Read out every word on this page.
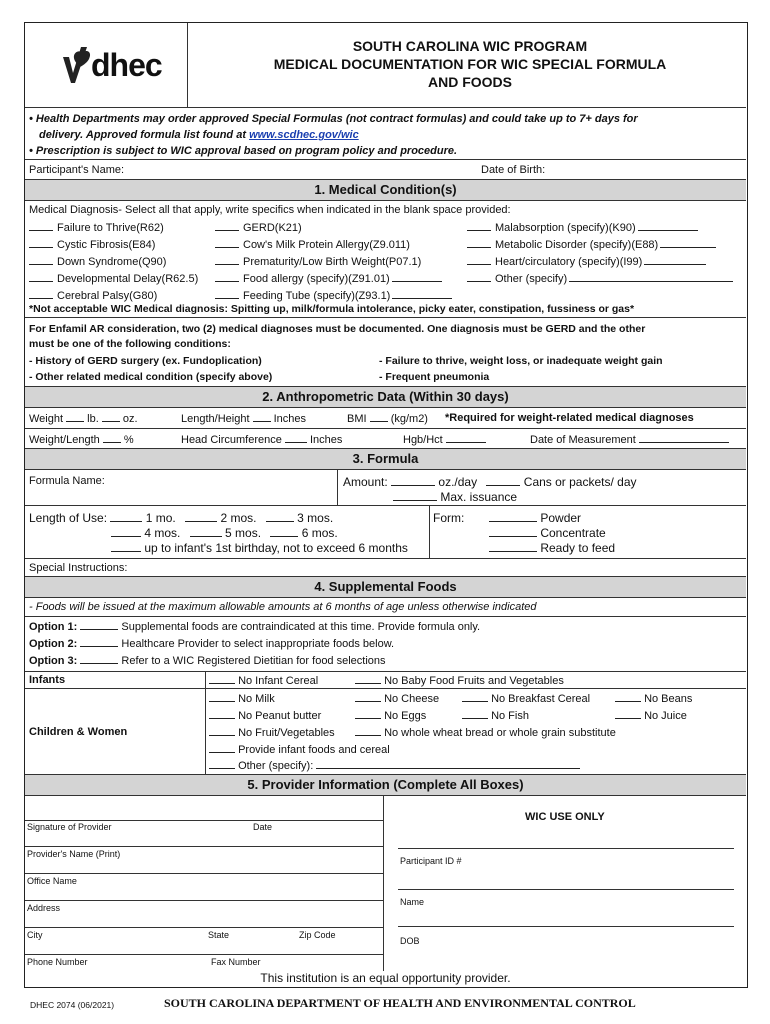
dhec
SOUTH CAROLINA WIC PROGRAM
MEDICAL DOCUMENTATION FOR WIC SPECIAL FORMULA
AND FOODS
• Health Departments may order approved Special Formulas (not contract formulas) and could take up to 7+ days for
delivery. Approved formula list found at www.scdhec.gov/wic
• Prescription is subject to WIC approval based on program policy and procedure.
Participant's Name:	Date of Birth:
1. Medical Condition(s)
Medical Diagnosis- Select all that apply, write specifics when indicated in the blank space provided:
Failure to Thrive(R62)
Cystic Fibrosis(E84)
Down Syndrome(Q90)
Developmental Delay(R62.5)
Cerebral Palsy(G80)
GERD(K21)
Cow's Milk Protein Allergy(Z9.011)
Prematurity/Low Birth Weight(P07.1)
Food allergy (specify)(Z91.01)
Feeding Tube (specify)(Z93.1)
Malabsorption (specify)(K90)
Metabolic Disorder (specify)(E88)
Heart/circulatory (specify)(I99)
Other (specify)
*Not acceptable WIC Medical diagnosis: Spitting up, milk/formula intolerance, picky eater, constipation, fussiness or gas*
For Enfamil AR consideration, two (2) medical diagnoses must be documented. One diagnosis must be GERD and the other
must be one of the following conditions:
- History of GERD surgery (ex. Fundoplication)	- Failure to thrive, weight loss, or inadequate weight gain
- Other related medical condition (specify above)	- Frequent pneumonia
2. Anthropometric Data (Within 30 days)
Weight lb. oz.	Length/Height Inches	BMI (kg/m2) *Required for weight-related medical diagnoses
Weight/Length %	Head Circumference	Inches	Hgb/Hct	Date of Measurement
3. Formula
Formula Name:	Amount:	oz./day	Cans or packets/ day
Max. issuance
Length of Use:	1 mo.	2 mos.	3 mos.
4 mos.	5 mos.	6 mos.
up to infant's 1st birthday, not to exceed 6 months
Form:	Powder
Concentrate
Ready to feed
Special Instructions:
4. Supplemental Foods
- Foods will be issued at the maximum allowable amounts at 6 months of age unless otherwise indicated
Option 1:	Supplemental foods are contraindicated at this time. Provide formula only.
Option 2:	Healthcare Provider to select inappropriate foods below.
Option 3:	Refer to a WIC Registered Dietitian for food selections
Infants	No Infant Cereal	No Baby Food Fruits and Vegetables
Children & Women
No Milk	No Cheese	No Breakfast Cereal	No Beans
No Peanut butter	No Eggs	No Fish	No Juice
No Fruit/Vegetables	No whole wheat bread or whole grain substitute
Provide infant foods and cereal
Other (specify):
5. Provider Information (Complete All Boxes)
Signature of Provider	Date
Provider's Name (Print)
Office Name
Address
City	State	Zip Code
Phone Number	Fax Number
WIC USE ONLY
Participant ID #
Name
DOB
This institution is an equal opportunity provider.
DHEC 2074 (06/2021)	SOUTH CAROLINA DEPARTMENT OF HEALTH AND ENVIRONMENTAL CONTROL
